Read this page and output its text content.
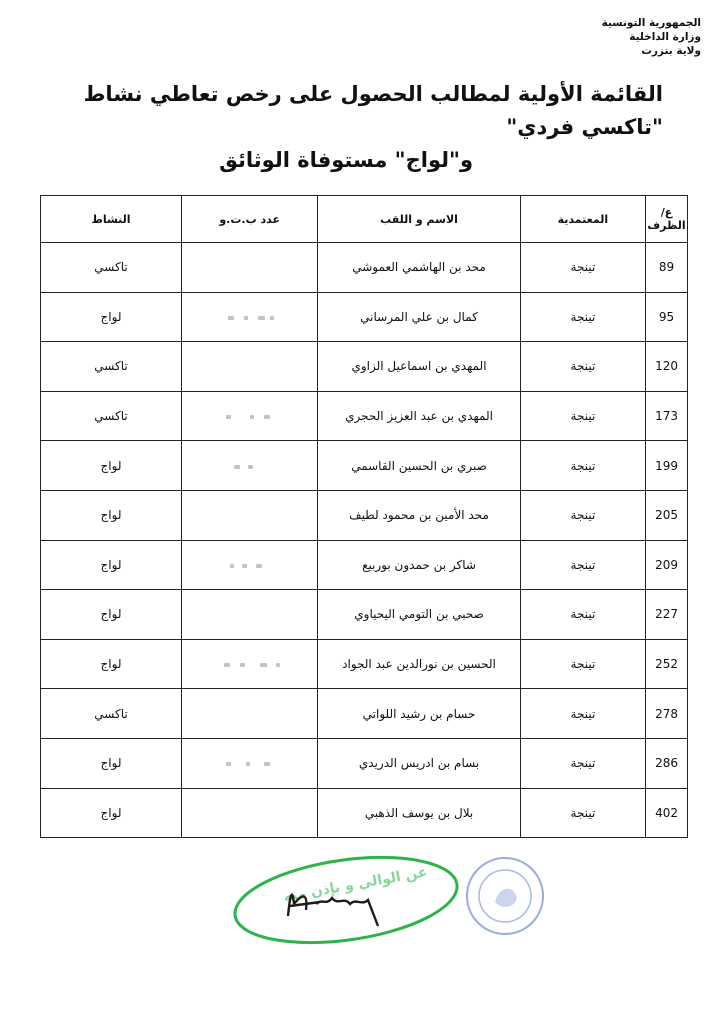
الجمهورية التونسية
وزارة الداخلية
ولاية بنزرت
القائمة الأولية لمطالب الحصول على رخص تعاطي نشاط "تاكسي فردي"
و"لواج" مستوفاة الوثائق
ع/
الظرف	المعتمدية	الاسم و اللقب	عدد ب.ت.و	النشاط
89	تينجة	محد بن الهاشمي العموشي		تاكسي
95	تينجة	كمال بن علي المرساني		لواج
120	تينجة	المهدي بن اسماعيل الزاوي		تاكسي
173	تينجة	المهدي بن عبد العزيز الحجري		تاكسي
199	تينجة	صبري بن الحسين القاسمي		لواج
205	تينجة	محد الأمين بن محمود لطيف		لواج
209	تينجة	شاكر بن حمدون بوربيع		لواج
227	تينجة	صحبي بن التومي اليحياوي		لواج
252	تينجة	الحسين بن نورالدين عبد الجواد		لواج
278	تينجة	حسام بن رشيد اللواتي		تاكسي
286	تينجة	بسام بن ادريس الدريدي		لواج
402	تينجة	بلال بن يوسف الذهبي		لواج
عن الوالي و بإذن منه
